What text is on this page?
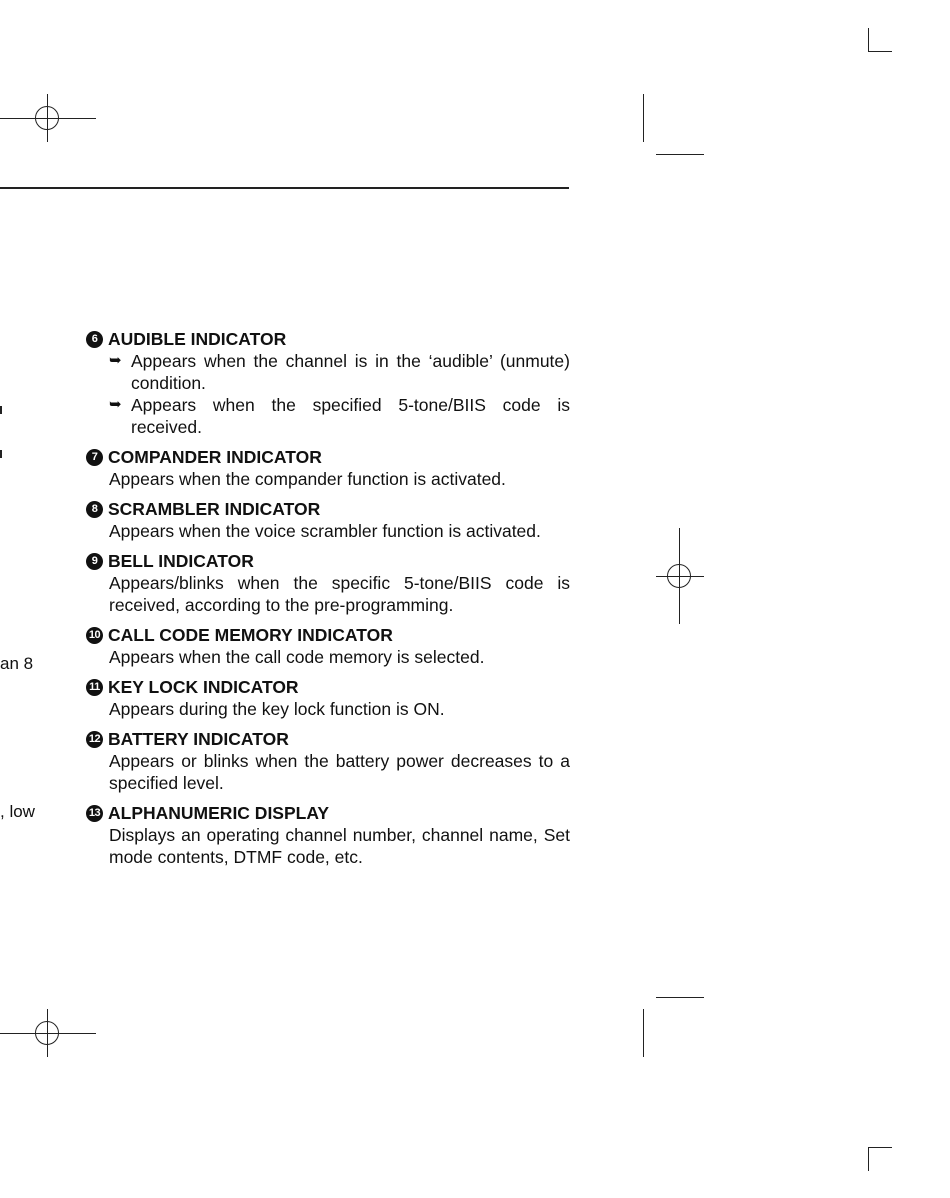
an 8
, low
6 AUDIBLE INDICATOR
➥ Appears when the channel is in the ‘audible’ (unmute) condition.
➥ Appears when the specified 5-tone/BIIS code is received.
7 COMPANDER INDICATOR
Appears when the compander function is activated.
8 SCRAMBLER INDICATOR
Appears when the voice scrambler function is activated.
9 BELL INDICATOR
Appears/blinks when the specific 5-tone/BIIS code is received, according to the pre-programming.
10 CALL CODE MEMORY INDICATOR
Appears when the call code memory is selected.
11 KEY LOCK INDICATOR
Appears during the key lock function is ON.
12 BATTERY INDICATOR
Appears or blinks when the battery power decreases to a specified level.
13 ALPHANUMERIC DISPLAY
Displays an operating channel number, channel name, Set mode contents, DTMF code, etc.
